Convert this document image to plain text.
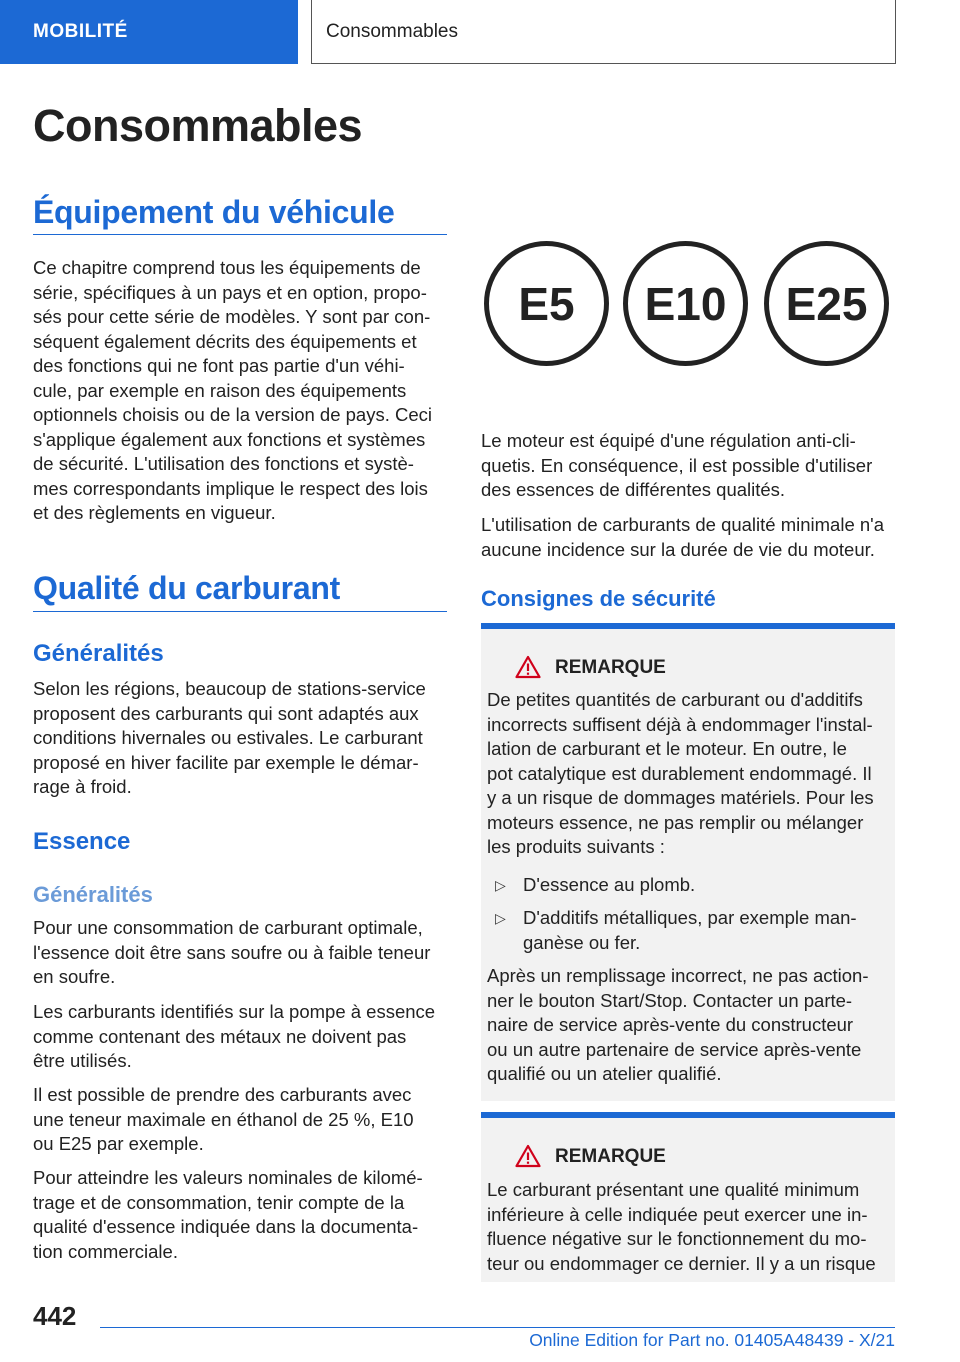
MOBILITÉ	Consommables
Consommables
Équipement du véhicule
Ce chapitre comprend tous les équipements de
série, spécifiques à un pays et en option, propo-
sés pour cette série de modèles. Y sont par con-
séquent également décrits des équipements et
des fonctions qui ne font pas partie d'un véhi-
cule, par exemple en raison des équipements
optionnels choisis ou de la version de pays. Ceci
s'applique également aux fonctions et systèmes
de sécurité. L'utilisation des fonctions et systè-
mes correspondants implique le respect des lois
et des règlements en vigueur.
Qualité du carburant
Généralités
Selon les régions, beaucoup de stations-service
proposent des carburants qui sont adaptés aux
conditions hivernales ou estivales. Le carburant
proposé en hiver facilite par exemple le démar-
rage à froid.
Essence
Généralités
Pour une consommation de carburant optimale,
l'essence doit être sans soufre ou à faible teneur
en soufre.
Les carburants identifiés sur la pompe à essence
comme contenant des métaux ne doivent pas
être utilisés.
Il est possible de prendre des carburants avec
une teneur maximale en éthanol de 25 %, E10
ou E25 par exemple.
Pour atteindre les valeurs nominales de kilomé-
trage et de consommation, tenir compte de la
qualité d'essence indiquée dans la documenta-
tion commerciale.
E5	E10	E25
Le moteur est équipé d'une régulation anti-cli-
quetis. En conséquence, il est possible d'utiliser
des essences de différentes qualités.
L'utilisation de carburants de qualité minimale n'a
aucune incidence sur la durée de vie du moteur.
Consignes de sécurité
REMARQUE
De petites quantités de carburant ou d'additifs
incorrects suffisent déjà à endommager l'instal-
lation de carburant et le moteur. En outre, le
pot catalytique est durablement endommagé. Il
y a un risque de dommages matériels. Pour les
moteurs essence, ne pas remplir ou mélanger
les produits suivants :
▷ D'essence au plomb.
▷ D'additifs métalliques, par exemple man-
ganèse ou fer.
Après un remplissage incorrect, ne pas action-
ner le bouton Start/Stop. Contacter un parte-
naire de service après-vente du constructeur
ou un autre partenaire de service après-vente
qualifié ou un atelier qualifié.
REMARQUE
Le carburant présentant une qualité minimum
inférieure à celle indiquée peut exercer une in-
fluence négative sur le fonctionnement du mo-
teur ou endommager ce dernier. Il y a un risque
442
Online Edition for Part no. 01405A48439 - X/21
